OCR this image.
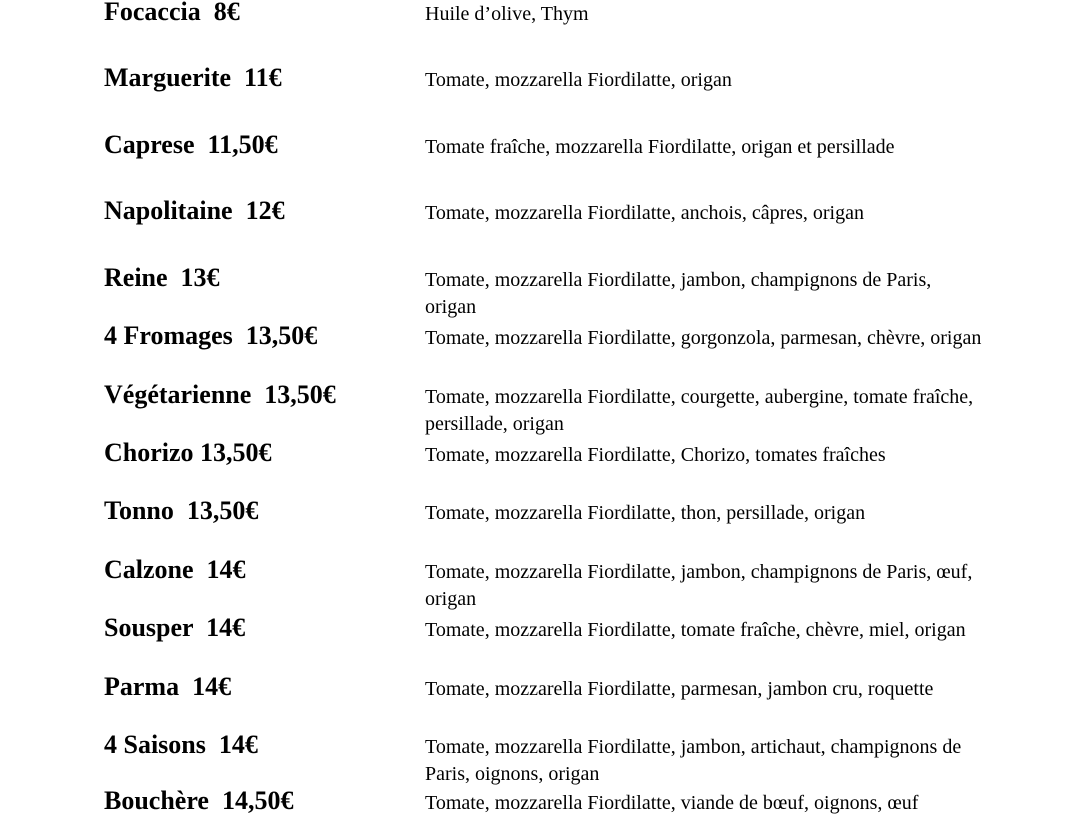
Focaccia  8€	Huile d’olive, Thym
Marguerite  11€	Tomate, mozzarella Fiordilatte, origan
Caprese  11,50€	Tomate fraîche, mozzarella Fiordilatte, origan et persillade
Napolitaine  12€	Tomate, mozzarella Fiordilatte, anchois, câpres, origan
Reine  13€	Tomate, mozzarella Fiordilatte, jambon, champignons de Paris, origan
4 Fromages  13,50€	Tomate, mozzarella Fiordilatte, gorgonzola, parmesan, chèvre, origan
Végétarienne  13,50€	Tomate, mozzarella Fiordilatte, courgette, aubergine, tomate fraîche, persillade, origan
Chorizo 13,50€	Tomate, mozzarella Fiordilatte, Chorizo, tomates fraîches
Tonno  13,50€	Tomate, mozzarella Fiordilatte, thon, persillade, origan
Calzone  14€	Tomate, mozzarella Fiordilatte, jambon, champignons de Paris, œuf, origan
Sousper  14€	Tomate, mozzarella Fiordilatte, tomate fraîche, chèvre, miel, origan
Parma  14€	Tomate, mozzarella Fiordilatte, parmesan, jambon cru, roquette
4 Saisons  14€	Tomate, mozzarella Fiordilatte, jambon, artichaut, champignons de Paris, oignons, origan
Bouchère  14,50€	Tomate, mozzarella Fiordilatte, viande de bœuf, oignons, œuf
